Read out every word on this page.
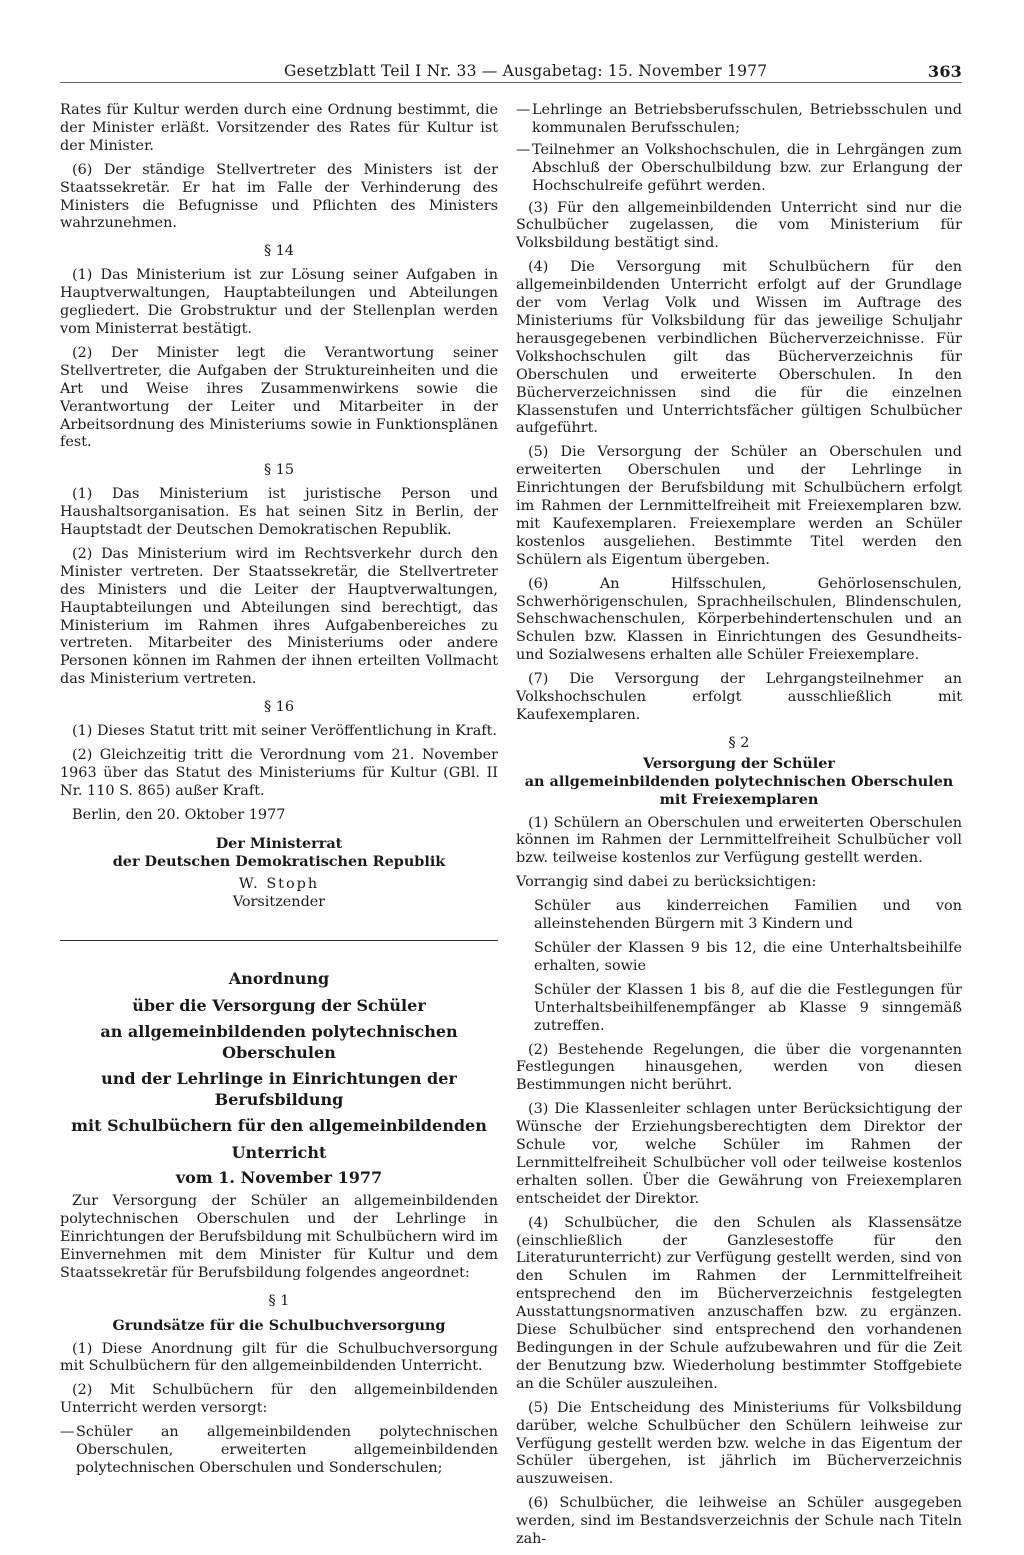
Gesetzblatt Teil I Nr. 33 — Ausgabetag: 15. November 1977	363

Rates für Kultur werden durch eine Ordnung bestimmt, die der Minister erläßt. Vorsitzender des Rates für Kultur ist der Minister.

(6) Der ständige Stellvertreter des Ministers ist der Staatssekretär. Er hat im Falle der Verhinderung des Ministers die Befugnisse und Pflichten des Ministers wahrzunehmen.

§ 14

(1) Das Ministerium ist zur Lösung seiner Aufgaben in Hauptverwaltungen, Hauptabteilungen und Abteilungen gegliedert. Die Grobstruktur und der Stellenplan werden vom Ministerrat bestätigt.

(2) Der Minister legt die Verantwortung seiner Stellvertreter, die Aufgaben der Struktureinheiten und die Art und Weise ihres Zusammenwirkens sowie die Verantwortung der Leiter und Mitarbeiter in der Arbeitsordnung des Ministeriums sowie in Funktionsplänen fest.

§ 15

(1) Das Ministerium ist juristische Person und Haushaltsorganisation. Es hat seinen Sitz in Berlin, der Hauptstadt der Deutschen Demokratischen Republik.

(2) Das Ministerium wird im Rechtsverkehr durch den Minister vertreten. Der Staatssekretär, die Stellvertreter des Ministers und die Leiter der Hauptverwaltungen, Hauptabteilungen und Abteilungen sind berechtigt, das Ministerium im Rahmen ihres Aufgabenbereiches zu vertreten. Mitarbeiter des Ministeriums oder andere Personen können im Rahmen der ihnen erteilten Vollmacht das Ministerium vertreten.

§ 16

(1) Dieses Statut tritt mit seiner Veröffentlichung in Kraft.

(2) Gleichzeitig tritt die Verordnung vom 21. November 1963 über das Statut des Ministeriums für Kultur (GBl. II Nr. 110 S. 865) außer Kraft.

Berlin, den 20. Oktober 1977

Der Ministerrat
der Deutschen Demokratischen Republik
W. Stoph
Vorsitzender

Anordnung

über die Versorgung der Schüler

an allgemeinbildenden polytechnischen Oberschulen

und der Lehrlinge in Einrichtungen der Berufsbildung

mit Schulbüchern für den allgemeinbildenden

Unterricht

vom 1. November 1977

Zur Versorgung der Schüler an allgemeinbildenden polytechnischen Oberschulen und der Lehrlinge in Einrichtungen der Berufsbildung mit Schulbüchern wird im Einvernehmen mit dem Minister für Kultur und dem Staatssekretär für Berufsbildung folgendes angeordnet:

§ 1

Grundsätze für die Schulbuchversorgung

(1) Diese Anordnung gilt für die Schulbuchversorgung mit Schulbüchern für den allgemeinbildenden Unterricht.

(2) Mit Schulbüchern für den allgemeinbildenden Unterricht werden versorgt:

— Schüler an allgemeinbildenden polytechnischen Oberschulen, erweiterten allgemeinbildenden polytechnischen Oberschulen und Sonderschulen;
— Lehrlinge an Betriebsberufsschulen, Betriebsschulen und kommunalen Berufsschulen;
— Teilnehmer an Volkshochschulen, die in Lehrgängen zum Abschluß der Oberschulbildung bzw. zur Erlangung der Hochschulreife geführt werden.

(3) Für den allgemeinbildenden Unterricht sind nur die Schulbücher zugelassen, die vom Ministerium für Volksbildung bestätigt sind.

(4) Die Versorgung mit Schulbüchern für den allgemeinbildenden Unterricht erfolgt auf der Grundlage der vom Verlag Volk und Wissen im Auftrage des Ministeriums für Volksbildung für das jeweilige Schuljahr herausgegebenen verbindlichen Bücherverzeichnisse. Für Volkshochschulen gilt das Bücherverzeichnis für Oberschulen und erweiterte Oberschulen. In den Bücherverzeichnissen sind die für die einzelnen Klassenstufen und Unterrichtsfächer gültigen Schulbücher aufgeführt.

(5) Die Versorgung der Schüler an Oberschulen und erweiterten Oberschulen und der Lehrlinge in Einrichtungen der Berufsbildung mit Schulbüchern erfolgt im Rahmen der Lernmittelfreiheit mit Freiexemplaren bzw. mit Kaufexemplaren. Freiexemplare werden an Schüler kostenlos ausgeliehen. Bestimmte Titel werden den Schülern als Eigentum übergeben.

(6) An Hilfsschulen, Gehörlosenschulen, Schwerhörigenschulen, Sprachheilschulen, Blindenschulen, Sehschwachenschulen, Körperbehindertenschulen und an Schulen bzw. Klassen in Einrichtungen des Gesundheits- und Sozialwesens erhalten alle Schüler Freiexemplare.

(7) Die Versorgung der Lehrgangsteilnehmer an Volkshochschulen erfolgt ausschließlich mit Kaufexemplaren.

§ 2
Versorgung der Schüler
an allgemeinbildenden polytechnischen Oberschulen
mit Freiexemplaren

(1) Schülern an Oberschulen und erweiterten Oberschulen können im Rahmen der Lernmittelfreiheit Schulbücher voll bzw. teilweise kostenlos zur Verfügung gestellt werden.

Vorrangig sind dabei zu berücksichtigen:

Schüler aus kinderreichen Familien und von alleinstehenden Bürgern mit 3 Kindern und

Schüler der Klassen 9 bis 12, die eine Unterhaltsbeihilfe erhalten, sowie

Schüler der Klassen 1 bis 8, auf die die Festlegungen für Unterhaltsbeihilfenempfänger ab Klasse 9 sinngemäß zutreffen.

(2) Bestehende Regelungen, die über die vorgenannten Festlegungen hinausgehen, werden von diesen Bestimmungen nicht berührt.

(3) Die Klassenleiter schlagen unter Berücksichtigung der Wünsche der Erziehungsberechtigten dem Direktor der Schule vor, welche Schüler im Rahmen der Lernmittelfreiheit Schulbücher voll oder teilweise kostenlos erhalten sollen. Über die Gewährung von Freiexemplaren entscheidet der Direktor.

(4) Schulbücher, die den Schulen als Klassensätze (einschließlich der Ganzlesestoffe für den Literaturunterricht) zur Verfügung gestellt werden, sind von den Schulen im Rahmen der Lernmittelfreiheit entsprechend den im Bücherverzeichnis festgelegten Ausstattungsnormativen anzuschaffen bzw. zu ergänzen. Diese Schulbücher sind entsprechend den vorhandenen Bedingungen in der Schule aufzubewahren und für die Zeit der Benutzung bzw. Wiederholung bestimmter Stoffgebiete an die Schüler auszuleihen.

(5) Die Entscheidung des Ministeriums für Volksbildung darüber, welche Schulbücher den Schülern leihweise zur Verfügung gestellt werden bzw. welche in das Eigentum der Schüler übergehen, ist jährlich im Bücherverzeichnis auszuweisen.

(6) Schulbücher, die leihweise an Schüler ausgegeben werden, sind im Bestandsverzeichnis der Schule nach Titeln zah-
